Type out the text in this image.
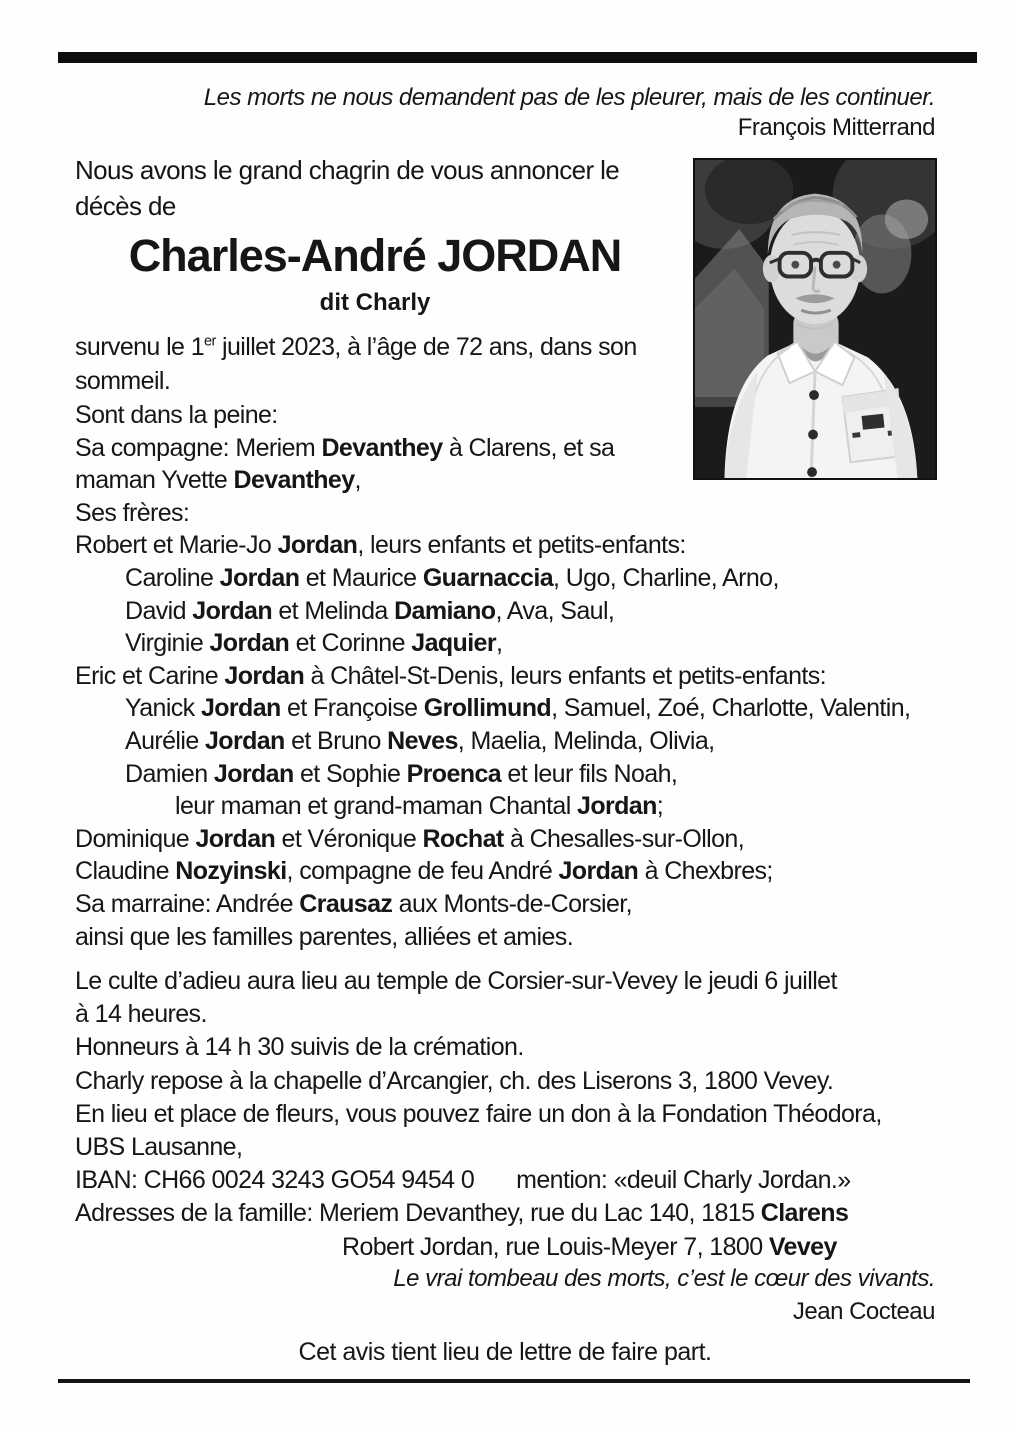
Les morts ne nous demandent pas de les pleurer, mais de les continuer.
François Mitterrand
Nous avons le grand chagrin de vous annoncer le
décès de
Charles-André JORDAN
dit Charly
survenu le 1er juillet 2023, à l’âge de 72 ans, dans son
sommeil.
Sont dans la peine:
Sa compagne: Meriem Devanthey à Clarens, et sa
maman Yvette Devanthey,
Ses frères:
Robert et Marie-Jo Jordan, leurs enfants et petits-enfants:
Caroline Jordan et Maurice Guarnaccia, Ugo, Charline, Arno,
David Jordan et Melinda Damiano, Ava, Saul,
Virginie Jordan et Corinne Jaquier,
Eric et Carine Jordan à Châtel-St-Denis, leurs enfants et petits-enfants:
Yanick Jordan et Françoise Grollimund, Samuel, Zoé, Charlotte, Valentin,
Aurélie Jordan et Bruno Neves, Maelia, Melinda, Olivia,
Damien Jordan et Sophie Proenca et leur fils Noah,
leur maman et grand-maman Chantal Jordan;
Dominique Jordan et Véronique Rochat à Chesalles-sur-Ollon,
Claudine Nozyinski, compagne de feu André Jordan à Chexbres;
Sa marraine: Andrée Crausaz aux Monts-de-Corsier,
ainsi que les familles parentes, alliées et amies.
Le culte d’adieu aura lieu au temple de Corsier-sur-Vevey le jeudi 6 juillet
à 14 heures.
Honneurs à 14 h 30 suivis de la crémation.
Charly repose à la chapelle d’Arcangier, ch. des Liserons 3, 1800 Vevey.
En lieu et place de fleurs, vous pouvez faire un don à la Fondation Théodora,
UBS Lausanne,
IBAN: CH66 0024 3243 GO54 9454 0 mention: «deuil Charly Jordan.»
Adresses de la famille: Meriem Devanthey, rue du Lac 140, 1815 Clarens
Robert Jordan, rue Louis-Meyer 7, 1800 Vevey
Le vrai tombeau des morts, c’est le cœur des vivants.
Jean Cocteau
Cet avis tient lieu de lettre de faire part.
